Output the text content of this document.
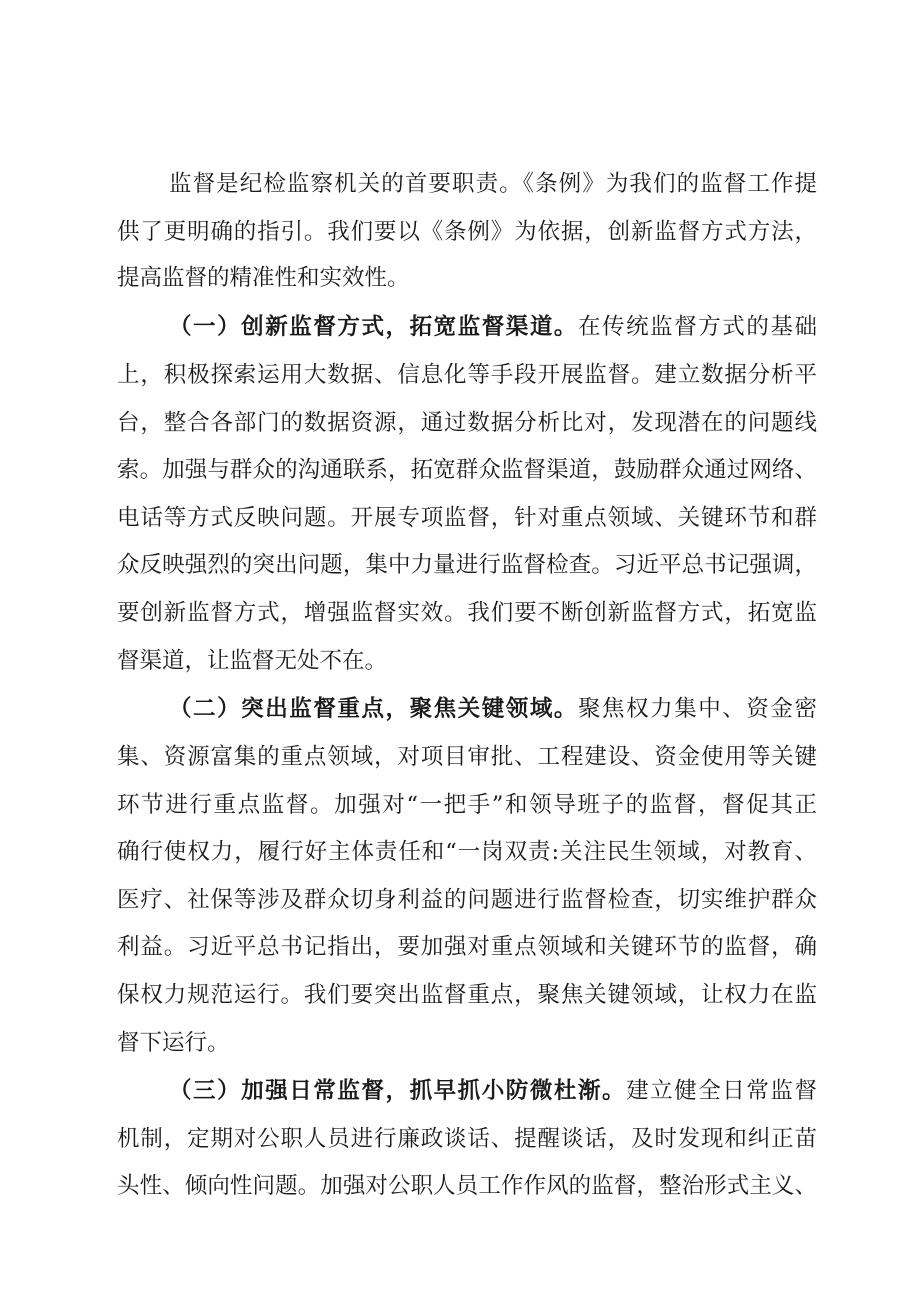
监督是纪检监察机关的首要职责。《条例》为我们的监督工作提
供了更明确的指引。我们要以《条例》为依据，创新监督方式方法，
提高监督的精准性和实效性。
（一）创新监督方式，拓宽监督渠道。在传统监督方式的基础
上，积极探索运用大数据、信息化等手段开展监督。建立数据分析平
台，整合各部门的数据资源，通过数据分析比对，发现潜在的问题线
索。加强与群众的沟通联系，拓宽群众监督渠道，鼓励群众通过网络、
电话等方式反映问题。开展专项监督，针对重点领域、关键环节和群
众反映强烈的突出问题，集中力量进行监督检查。习近平总书记强调，
要创新监督方式，增强监督实效。我们要不断创新监督方式，拓宽监
督渠道，让监督无处不在。
（二）突出监督重点，聚焦关键领域。聚焦权力集中、资金密
集、资源富集的重点领域，对项目审批、工程建设、资金使用等关键
环节进行重点监督。加强对“一把手”和领导班子的监督，督促其正
确行使权力，履行好主体责任和“一岗双责:关注民生领域，对教育、
医疗、社保等涉及群众切身利益的问题进行监督检查，切实维护群众
利益。习近平总书记指出，要加强对重点领域和关键环节的监督，确
保权力规范运行。我们要突出监督重点，聚焦关键领域，让权力在监
督下运行。
（三）加强日常监督，抓早抓小防微杜渐。建立健全日常监督
机制，定期对公职人员进行廉政谈话、提醒谈话，及时发现和纠正苗
头性、倾向性问题。加强对公职人员工作作风的监督，整治形式主义、
